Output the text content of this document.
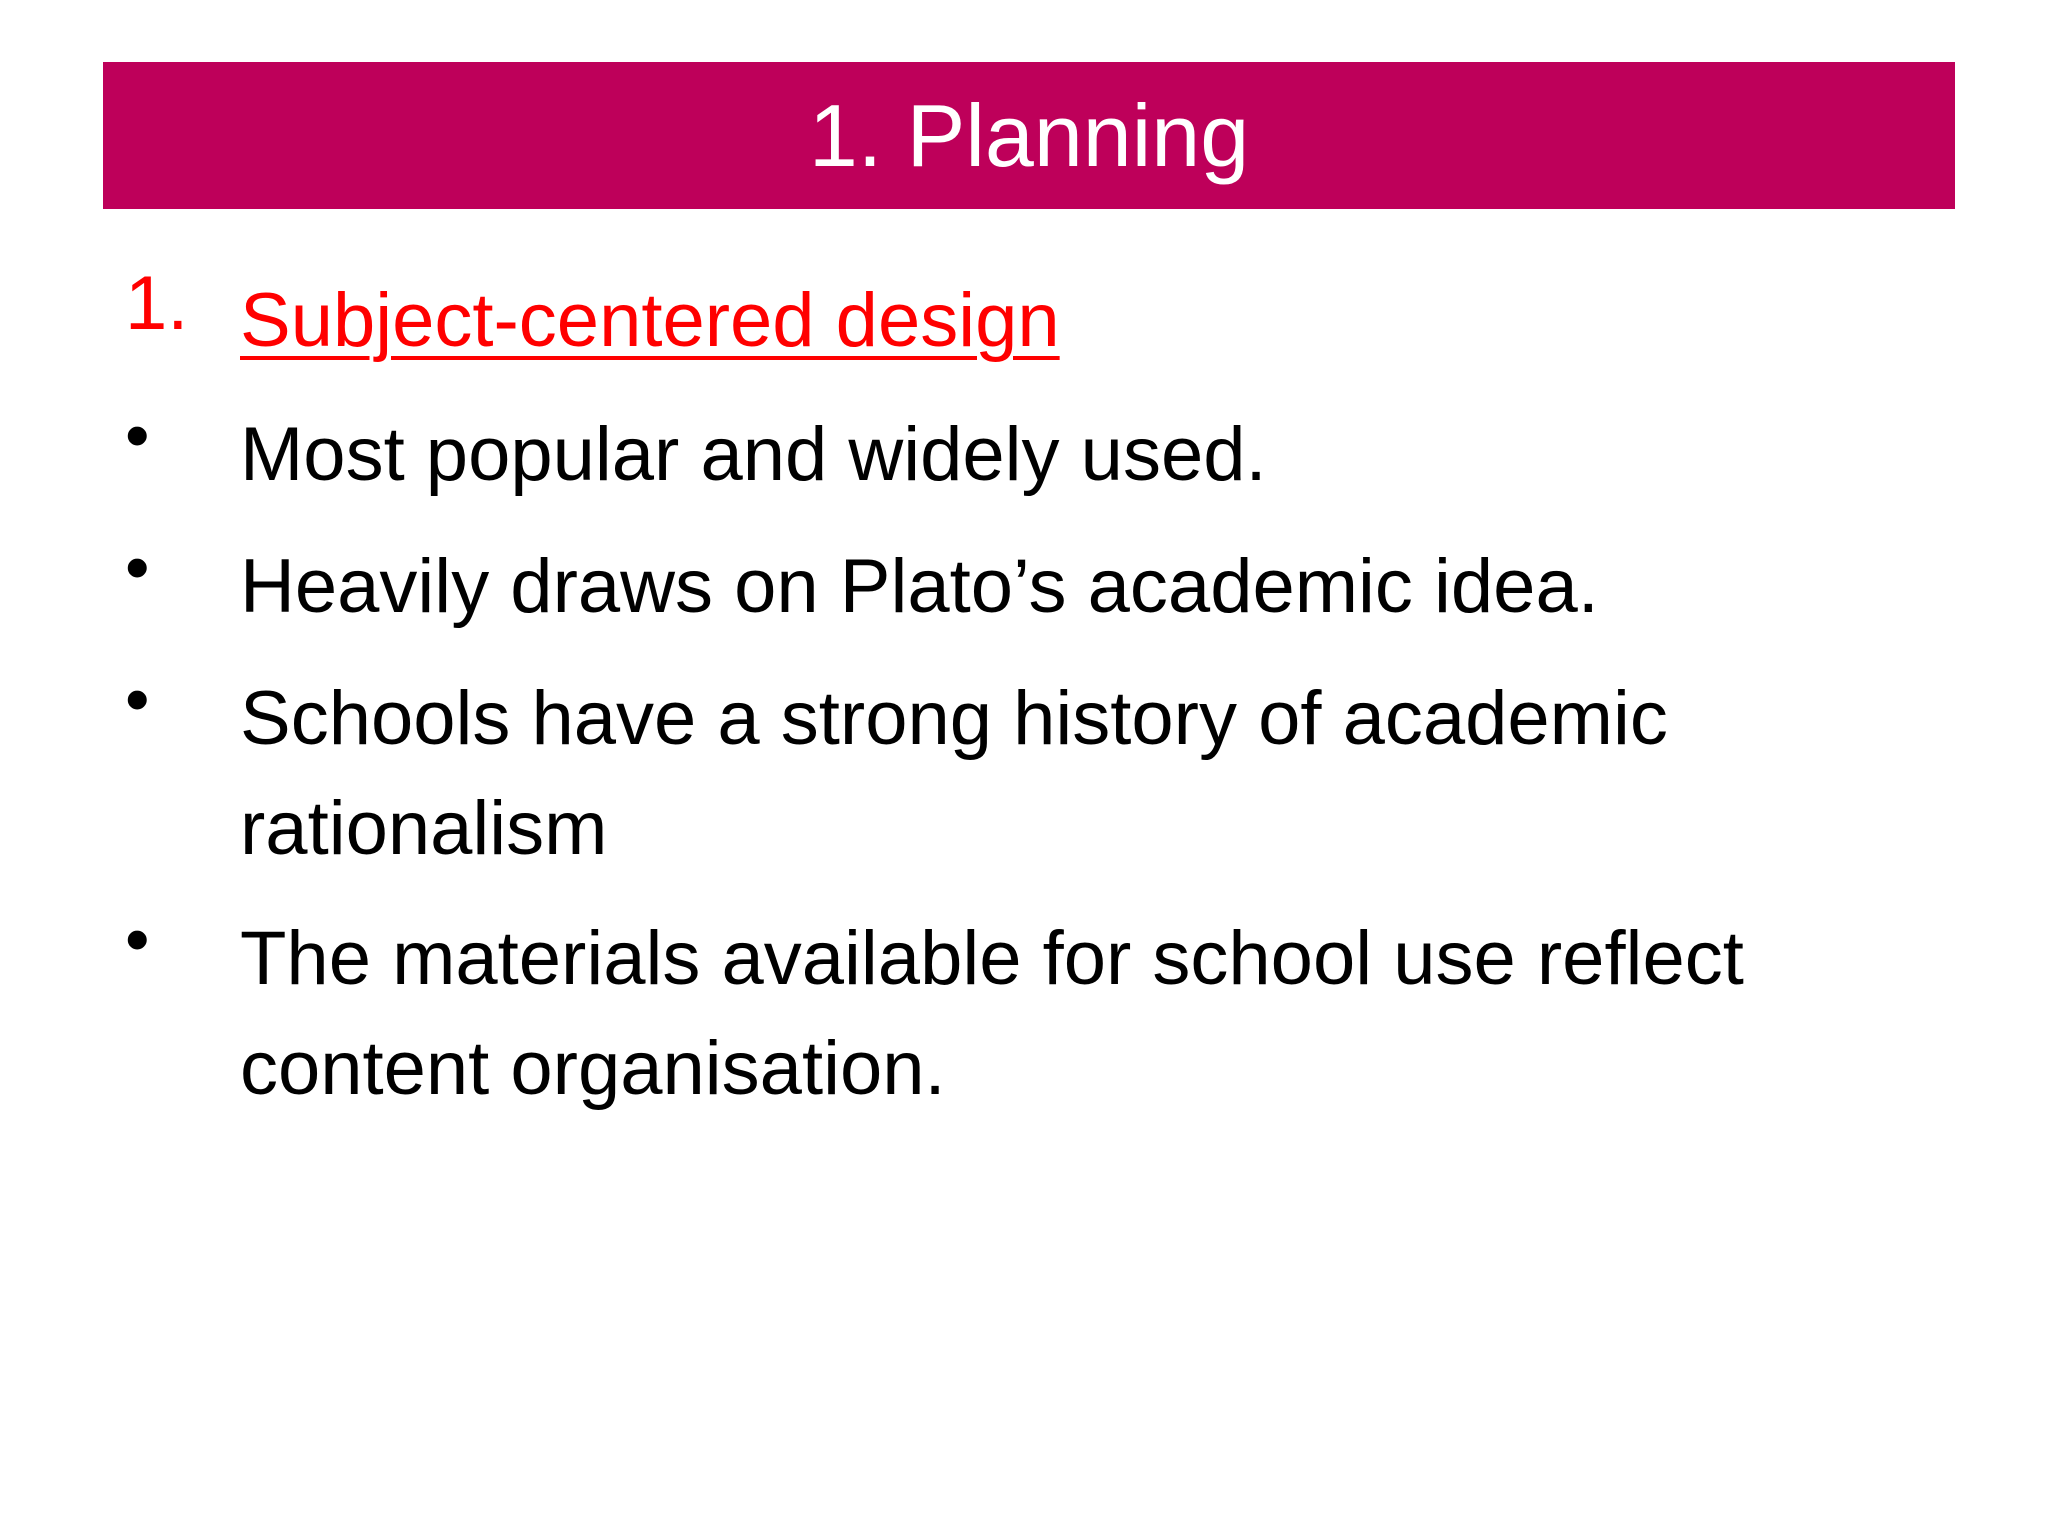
1. Planning
1. Subject-centered design
• Most popular and widely used.
• Heavily draws on Plato’s academic idea.
• Schools have a strong history of academic rationalism
• The materials available for school use reflect content organisation.
